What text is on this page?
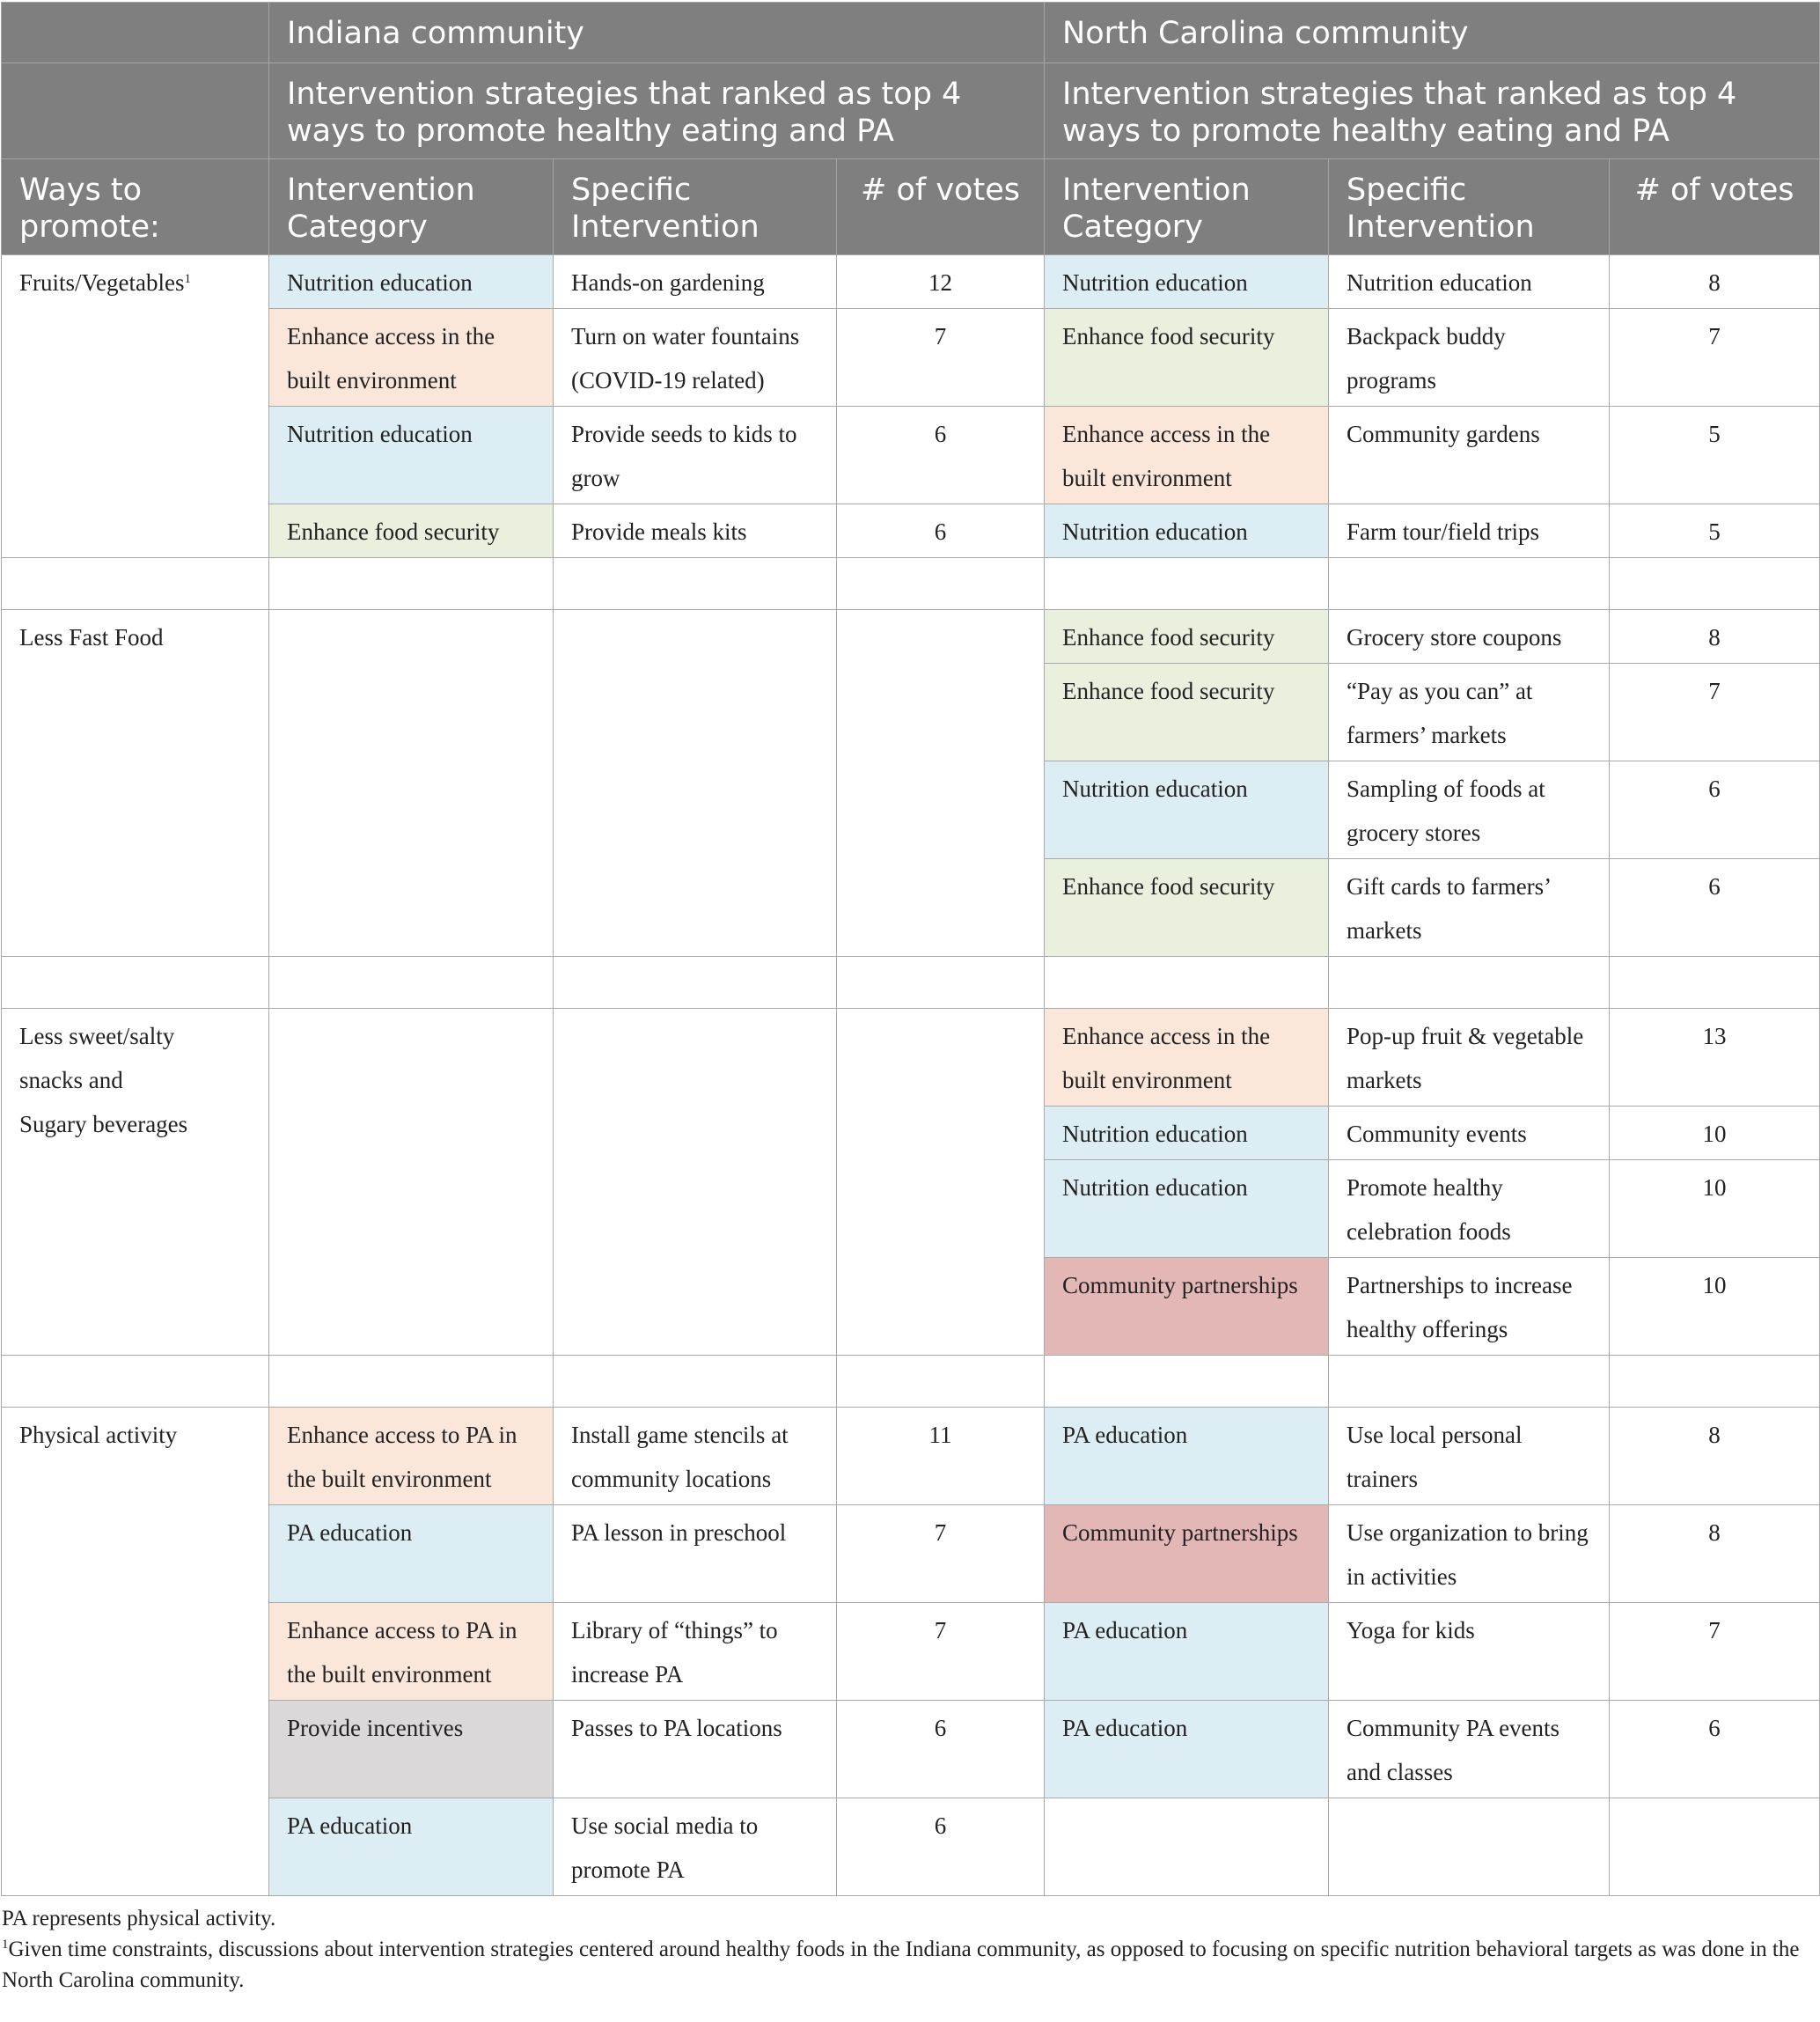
	Indiana community			North Carolina community		

	Intervention strategies that ranked as top 4 ways to promote healthy eating and PA			Intervention strategies that ranked as top 4 ways to promote healthy eating and PA		

Ways to promote:	Intervention Category	Specific Intervention	# of votes	Intervention Category	Specific Intervention	# of votes

Fruits/Vegetables$^1$	Nutrition education	Hands-on gardening	12	Nutrition education	Nutrition education	8

	Enhance access in the built environment	Turn on water fountains (COVID-19 related)	7	Enhance food security	Backpack buddy programs	7

	Nutrition education	Provide seeds to kids to grow	6	Enhance access in the built environment	Community gardens	5

	Enhance food security	Provide meals kits	6	Nutrition education	Farm tour/field trips	5

Less Fast Food				Enhance food security	Grocery store coupons	8

				Enhance food security	“Pay as you can” at farmers’ markets	7

				Nutrition education	Sampling of foods at grocery stores	6

				Enhance food security	Gift cards to farmers’ markets	6

Less sweet/salty
snacks and
Sugary beverages				Enhance access in the built environment	Pop-up fruit & vegetable markets	13

				Nutrition education	Community events	10

				Nutrition education	Promote healthy celebration foods	10

				Community partnerships	Partnerships to increase healthy offerings	10

Physical activity	Enhance access to PA in the built environment	Install game stencils at community locations	11	PA education	Use local personal trainers	8

	PA education	PA lesson in preschool	7	Community partnerships	Use organization to bring in activities	8

	Enhance access to PA in the built environment	Library of “things” to increase PA	7	PA education	Yoga for kids	7

	Provide incentives	Passes to PA locations	6	PA education	Community PA events and classes	6

	PA education	Use social media to promote PA	6			

PA represents physical activity.

$^1$Given time constraints, discussions about intervention strategies centered around healthy foods in the Indiana community, as opposed to focusing on specific nutrition behavioral targets as was done in the North Carolina community.
